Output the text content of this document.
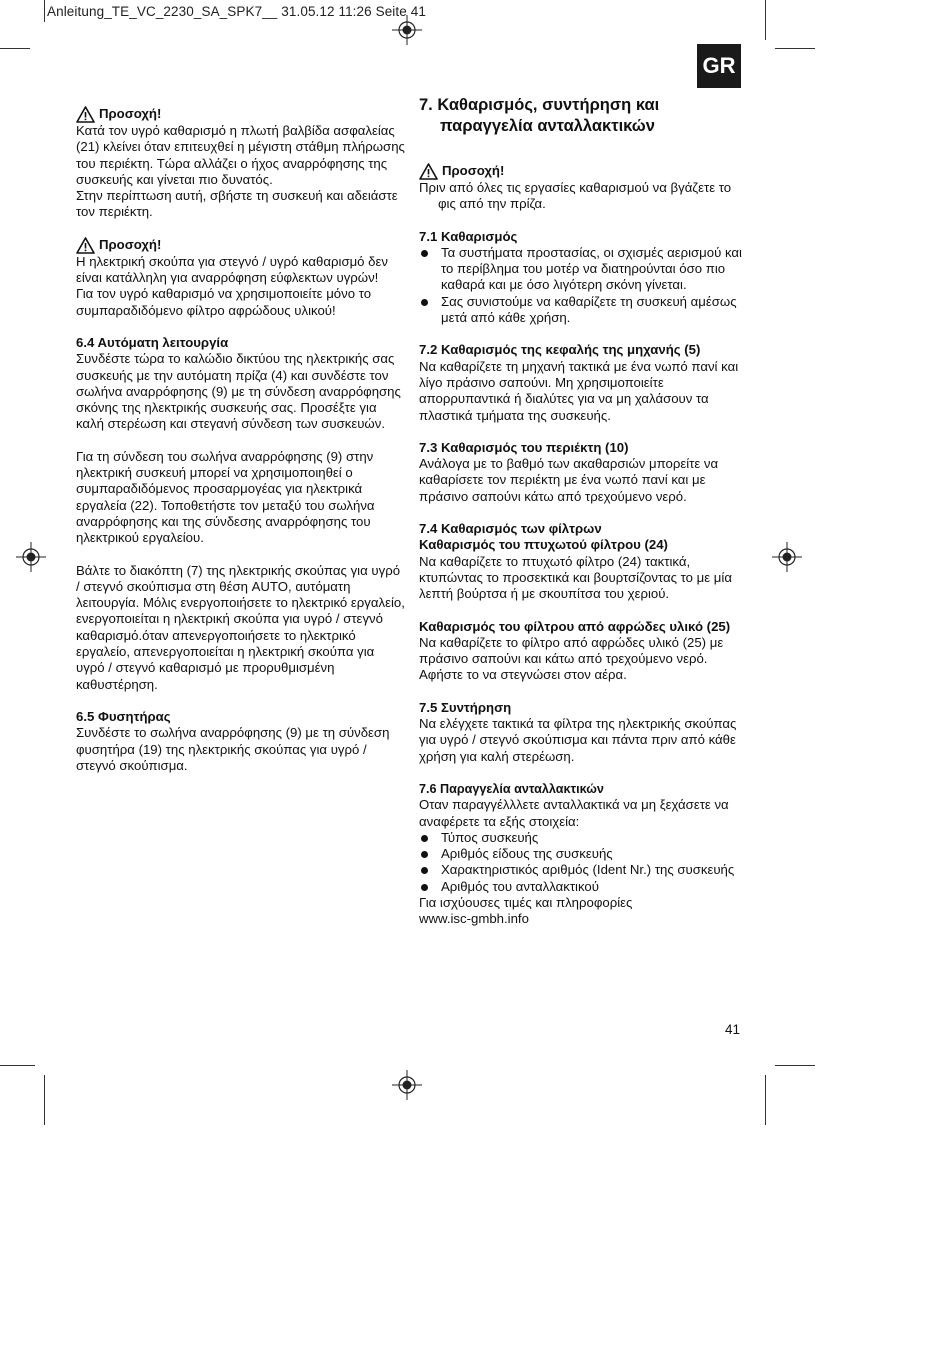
Anleitung_TE_VC_2230_SA_SPK7__ 31.05.12 11:26 Seite 41
GR
Προσοχή!

Κατά τον υγρό καθαρισμό η πλωτή βαλβίδα ασφαλείας (21) κλείνει όταν επιτευχθεί η μέγιστη στάθμη πλήρωσης του περιέκτη. Τώρα αλλάζει ο ήχος αναρρόφησης της συσκευής και γίνεται πιο δυνατός.

Στην περίπτωση αυτή, σβήστε τη συσκευή και αδειάστε τον περιέκτη.

Προσοχή!

Η ηλεκτρική σκούπα για στεγνό / υγρό καθαρισμό δεν είναι κατάλληλη για αναρρόφηση εύφλεκτων υγρών!

Για τον υγρό καθαρισμό να χρησιμοποιείτε μόνο το συμπαραδιδόμενο φίλτρο αφρώδους υλικού!

6.4 Αυτόματη λειτουργία

Συνδέστε τώρα το καλώδιο δικτύου της ηλεκτρικής σας συσκευής με την αυτόματη πρίζα (4) και συνδέστε τον σωλήνα αναρρόφησης (9) με τη σύνδεση αναρρόφησης σκόνης της ηλεκτρικής συσκευής σας. Προσέξτε για καλή στερέωση και στεγανή σύνδεση των συσκευών.

Για τη σύνδεση του σωλήνα αναρρόφησης (9) στην ηλεκτρική συσκευή μπορεί να χρησιμοποιηθεί ο συμπαραδιδόμενος προσαρμογέας για ηλεκτρικά εργαλεία (22). Τοποθετήστε τον μεταξύ του σωλήνα αναρρόφησης και της σύνδεσης αναρρόφησης του ηλεκτρικού εργαλείου.

Βάλτε το διακόπτη (7) της ηλεκτρικής σκούπας για υγρό / στεγνό σκούπισμα στη θέση AUTO, αυτόματη λειτουργία. Μόλις ενεργοποιήσετε το ηλεκτρικό εργαλείο, ενεργοποιείται η ηλεκτρική σκούπα για υγρό / στεγνό καθαρισμό.όταν απενεργοποιήσετε το ηλεκτρικό εργαλείο, απενεργοποιείται η ηλεκτρική σκούπα για υγρό / στεγνό καθαρισμό με προρυθμισμένη καθυστέρηση.

6.5 Φυσητήρας

Συνδέστε το σωλήνα αναρρόφησης (9) με τη σύνδεση φυσητήρα (19) της ηλεκτρικής σκούπας για υγρό / στεγνό σκούπισμα.

7. Καθαρισμός, συντήρηση και
παραγγελία ανταλλακτικών

Προσοχή!

Πριν από όλες τις εργασίες καθαρισμού να βγάζετε το φις από την πρίζα.

7.1 Καθαρισμός

Τα συστήματα προστασίας, οι σχισμές αερισμού και το περίβλημα του μοτέρ να διατηρούνται όσο πιο καθαρά και με όσο λιγότερη σκόνη γίνεται.
Σας συνιστούμε να καθαρίζετε τη συσκευή αμέσως μετά από κάθε χρήση.

7.2 Καθαρισμός της κεφαλής της μηχανής (5)

Να καθαρίζετε τη μηχανή τακτικά με ένα νωπό πανί και λίγο πράσινο σαπούνι. Μη χρησιμοποιείτε απορρυπαντικά ή διαλύτες για να μη χαλάσουν τα πλαστικά τμήματα της συσκευής.

7.3 Καθαρισμός του περιέκτη (10)

Ανάλογα με το βαθμό των ακαθαρσιών μπορείτε να καθαρίσετε τον περιέκτη με ένα νωπό πανί και με πράσινο σαπούνι κάτω από τρεχούμενο νερό.

7.4 Καθαρισμός των φίλτρων

Καθαρισμός του πτυχωτού φίλτρου (24)

Να καθαρίζετε το πτυχωτό φίλτρο (24) τακτικά, κτυπώντας το προσεκτικά και βουρτσίζοντας το με μία λεπτή βούρτσα ή με σκουπίτσα του χεριού.

Καθαρισμός του φίλτρου από αφρώδες υλικό (25)

Να καθαρίζετε το φίλτρο από αφρώδες υλικό (25) με πράσινο σαπούνι και κάτω από τρεχούμενο νερό. Αφήστε το να στεγνώσει στον αέρα.

7.5 Συντήρηση

Να ελέγχετε τακτικά τα φίλτρα της ηλεκτρικής σκούπας για υγρό / στεγνό σκούπισμα και πάντα πριν από κάθε χρήση για καλή στερέωση.

7.6 Παραγγελία ανταλλακτικών

Οταν παραγγέλλλετε ανταλλακτικά να μη ξεχάσετε να αναφέρετε τα εξής στοιχεία:

Τύπος συσκευής
Αριθμός είδους της συσκευής
Χαρακτηριστικός αριθμός (Ident Nr.) της συσκευής
Αριθμός του ανταλλακτικού

Για ισχύουσες τιμές και πληροφορίες

www.isc-gmbh.info

41
